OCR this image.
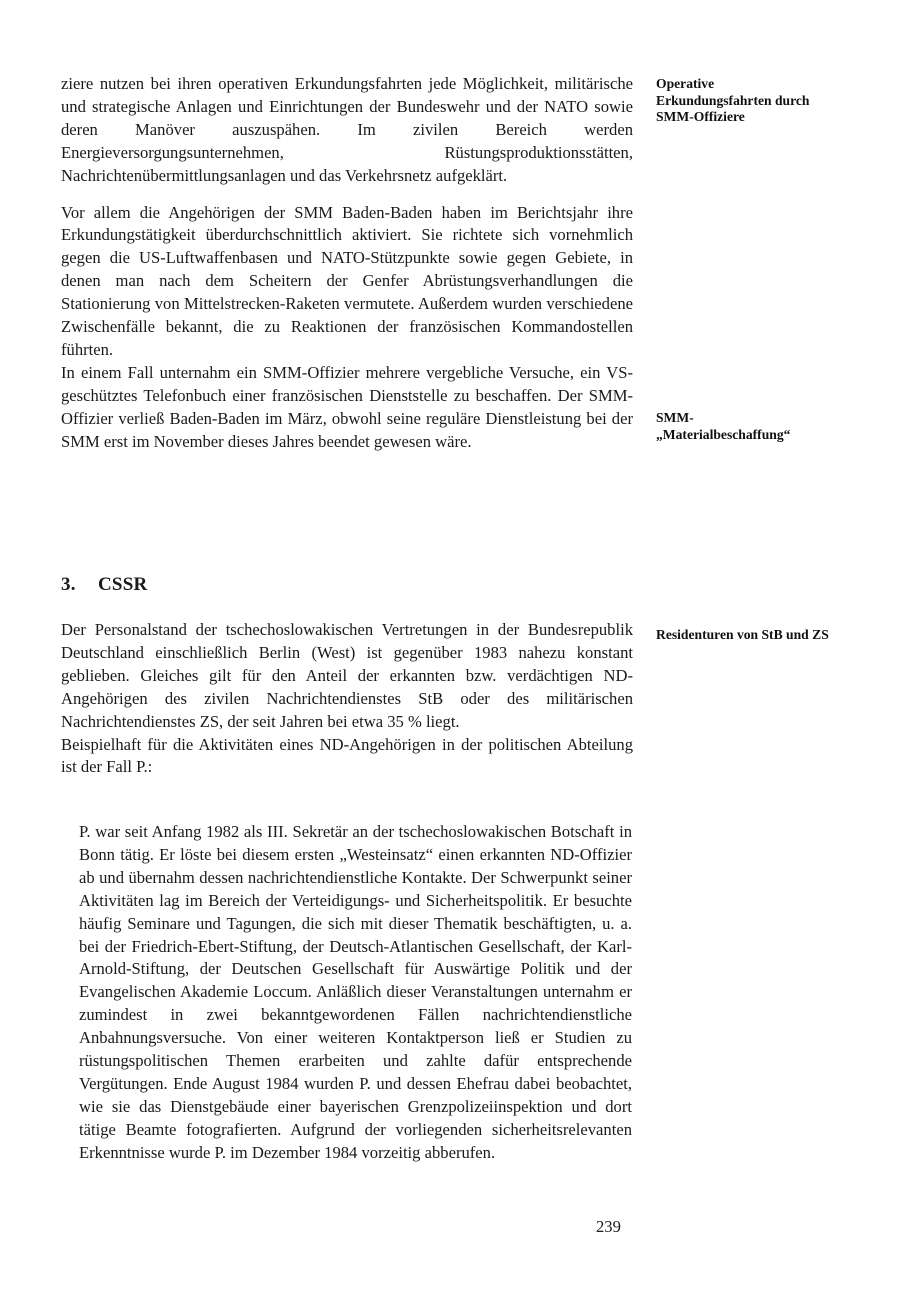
ziere nutzen bei ihren operativen Erkundungsfahrten jede Möglichkeit, militärische und strategische Anlagen und Einrichtungen der Bundeswehr und der NATO sowie deren Manöver auszuspähen. Im zivilen Bereich werden Energieversorgungsunternehmen, Rüstungsproduktionsstätten, Nachrichtenübermittlungsanlagen und das Verkehrsnetz aufgeklärt.

Vor allem die Angehörigen der SMM Baden-Baden haben im Berichtsjahr ihre Erkundungstätigkeit überdurchschnittlich aktiviert. Sie richtete sich vornehmlich gegen die US-Luftwaffenbasen und NATO-Stützpunkte sowie gegen Gebiete, in denen man nach dem Scheitern der Genfer Abrüstungsverhandlungen die Stationierung von Mittelstrecken-Raketen vermutete. Außerdem wurden verschiedene Zwischenfälle bekannt, die zu Reaktionen der französischen Kommandostellen führten.

In einem Fall unternahm ein SMM-Offizier mehrere vergebliche Versuche, ein VS-geschütztes Telefonbuch einer französischen Dienststelle zu beschaffen. Der SMM-Offizier verließ Baden-Baden im März, obwohl seine reguläre Dienstleistung bei der SMM erst im November dieses Jahres beendet gewesen wäre.

Operative Erkundungsfahrten durch SMM-Offiziere
SMM-„Materialbeschaffung“
Residenturen von StB und ZS
3. CSSR

Der Personalstand der tschechoslowakischen Vertretungen in der Bundesrepublik Deutschland einschließlich Berlin (West) ist gegenüber 1983 nahezu konstant geblieben. Gleiches gilt für den Anteil der erkannten bzw. verdächtigen ND-Angehörigen des zivilen Nachrichtendienstes StB oder des militärischen Nachrichtendienstes ZS, der seit Jahren bei etwa 35 % liegt.

Beispielhaft für die Aktivitäten eines ND-Angehörigen in der politischen Abteilung ist der Fall P.:

P. war seit Anfang 1982 als III. Sekretär an der tschechoslowakischen Botschaft in Bonn tätig. Er löste bei diesem ersten „Westeinsatz“ einen erkannten ND-Offizier ab und übernahm dessen nachrichtendienstliche Kontakte. Der Schwerpunkt seiner Aktivitäten lag im Bereich der Verteidigungs- und Sicherheitspolitik. Er besuchte häufig Seminare und Tagungen, die sich mit dieser Thematik beschäftigten, u. a. bei der Friedrich-Ebert-Stiftung, der Deutsch-Atlantischen Gesellschaft, der Karl-Arnold-Stiftung, der Deutschen Gesellschaft für Auswärtige Politik und der Evangelischen Akademie Loccum. Anläßlich dieser Veranstaltungen unternahm er zumindest in zwei bekanntgewordenen Fällen nachrichtendienstliche Anbahnungsversuche. Von einer weiteren Kontaktperson ließ er Studien zu rüstungspolitischen Themen erarbeiten und zahlte dafür entsprechende Vergütungen. Ende August 1984 wurden P. und dessen Ehefrau dabei beobachtet, wie sie das Dienstgebäude einer bayerischen Grenzpolizeiinspektion und dort tätige Beamte fotografierten. Aufgrund der vorliegenden sicherheitsrelevanten Erkenntnisse wurde P. im Dezember 1984 vorzeitig abberufen.

239
